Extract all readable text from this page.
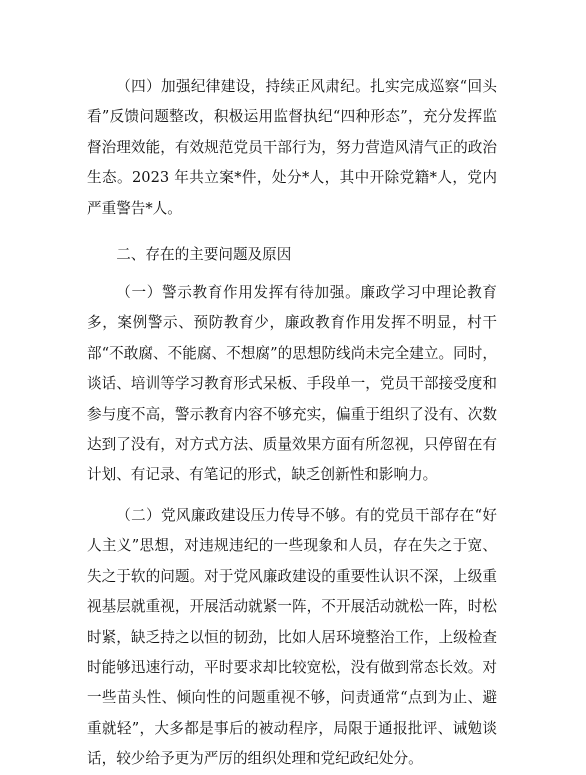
（四）加强纪律建设，持续正风肃纪。扎实完成巡察“回头看”反馈问题整改，积极运用监督执纪“四种形态”，充分发挥监督治理效能，有效规范党员干部行为，努力营造风清气正的政治生态。2023 年共立案*件，处分*人，其中开除党籍*人，党内严重警告*人。

二、存在的主要问题及原因

（一）警示教育作用发挥有待加强。廉政学习中理论教育多，案例警示、预防教育少，廉政教育作用发挥不明显，村干部“不敢腐、不能腐、不想腐”的思想防线尚未完全建立。同时，谈话、培训等学习教育形式呆板、手段单一，党员干部接受度和参与度不高，警示教育内容不够充实，偏重于组织了没有、次数达到了没有，对方式方法、质量效果方面有所忽视，只停留在有计划、有记录、有笔记的形式，缺乏创新性和影响力。

（二）党风廉政建设压力传导不够。有的党员干部存在“好人主义”思想，对违规违纪的一些现象和人员，存在失之于宽、失之于软的问题。对于党风廉政建设的重要性认识不深，上级重视基层就重视，开展活动就紧一阵，不开展活动就松一阵，时松时紧，缺乏持之以恒的韧劲，比如人居环境整治工作，上级检查时能够迅速行动，平时要求却比较宽松，没有做到常态长效。对一些苗头性、倾向性的问题重视不够，问责通常“点到为止、避重就轻”，大多都是事后的被动程序，局限于通报批评、诫勉谈话，较少给予更为严厉的组织处理和党纪政纪处分。
